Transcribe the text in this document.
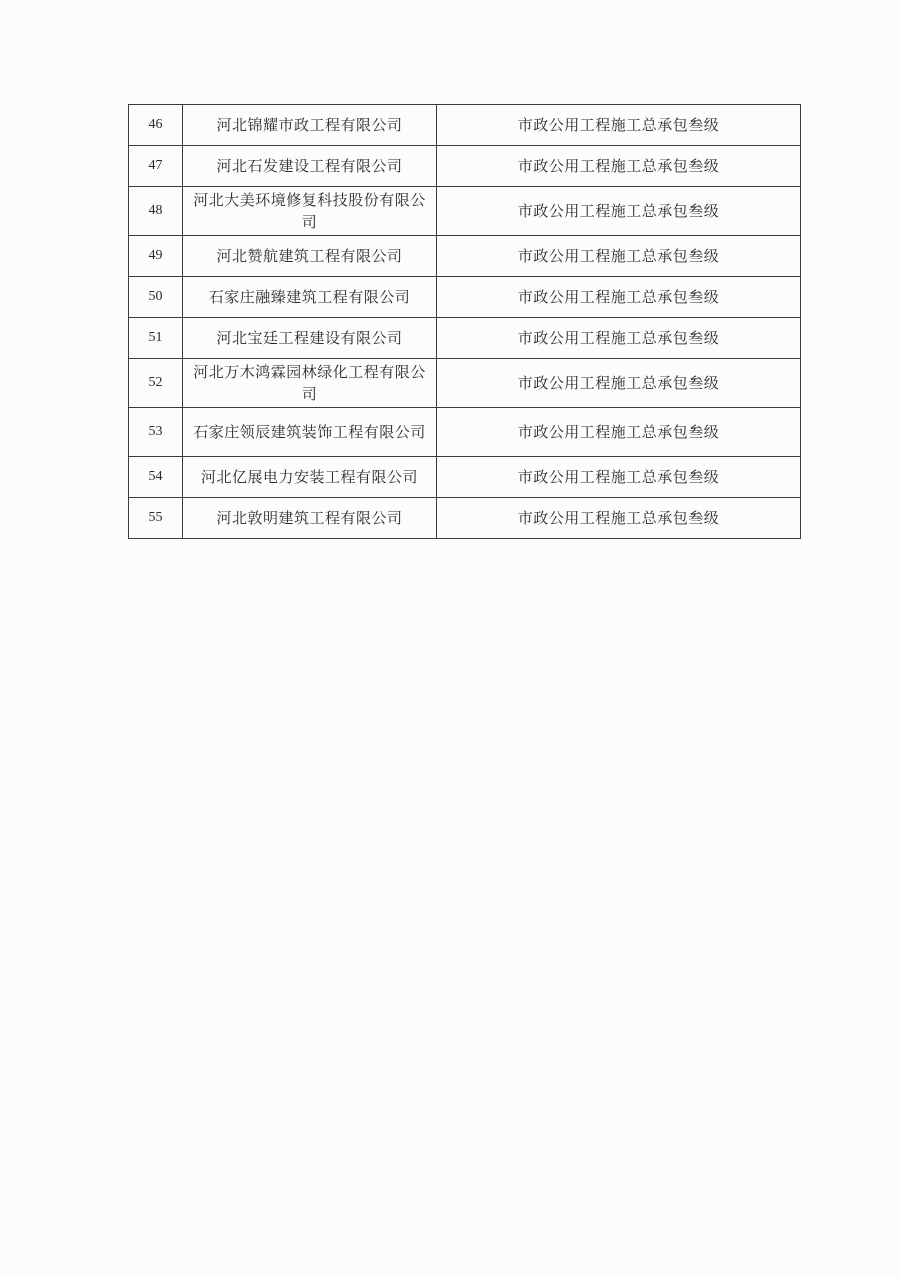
46	河北锦耀市政工程有限公司	市政公用工程施工总承包叁级
47	河北石发建设工程有限公司	市政公用工程施工总承包叁级
48	河北大美环境修复科技股份有限公司	市政公用工程施工总承包叁级
49	河北赞航建筑工程有限公司	市政公用工程施工总承包叁级
50	石家庄融臻建筑工程有限公司	市政公用工程施工总承包叁级
51	河北宝廷工程建设有限公司	市政公用工程施工总承包叁级
52	河北万木鸿霖园林绿化工程有限公司	市政公用工程施工总承包叁级
53	石家庄领辰建筑装饰工程有限公司	市政公用工程施工总承包叁级
54	河北亿展电力安装工程有限公司	市政公用工程施工总承包叁级
55	河北敦明建筑工程有限公司	市政公用工程施工总承包叁级
